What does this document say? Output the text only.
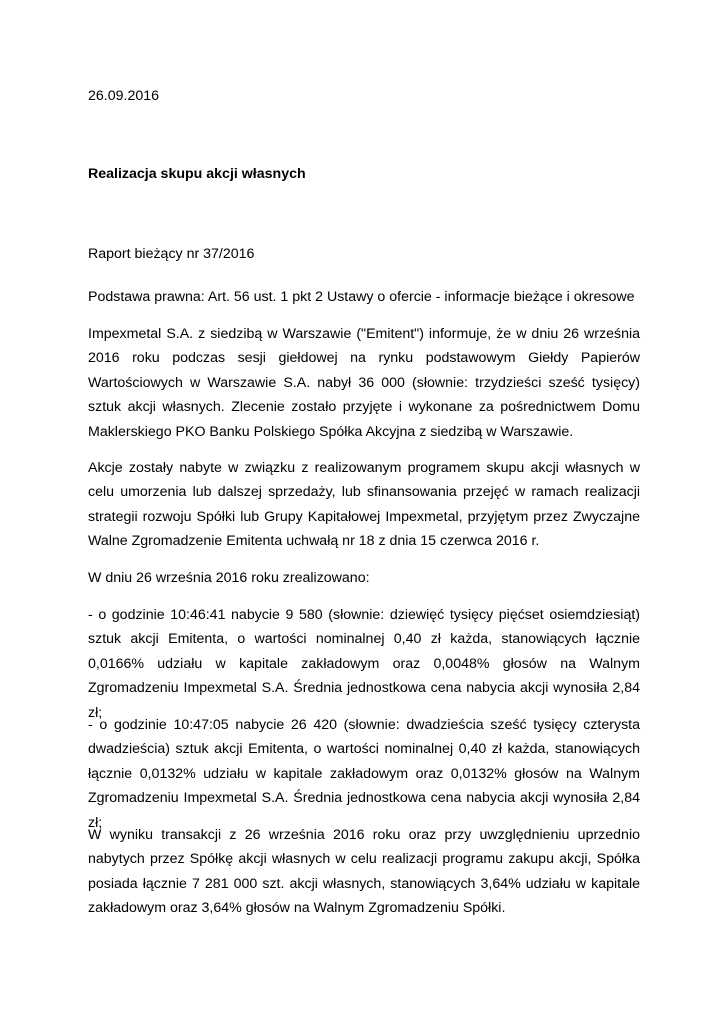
26.09.2016

Realizacja skupu akcji własnych

Raport bieżący nr 37/2016

Podstawa prawna: Art. 56 ust. 1 pkt 2 Ustawy o ofercie - informacje bieżące i okresowe

Impexmetal S.A. z siedzibą w Warszawie ("Emitent") informuje, że w dniu 26 września 2016 roku podczas sesji giełdowej na rynku podstawowym Giełdy Papierów Wartościowych w Warszawie S.A. nabył 36 000 (słownie: trzydzieści sześć tysięcy) sztuk akcji własnych. Zlecenie zostało przyjęte i wykonane za pośrednictwem Domu Maklerskiego PKO Banku Polskiego Spółka Akcyjna z siedzibą w Warszawie.

Akcje zostały nabyte w związku z realizowanym programem skupu akcji własnych w celu umorzenia lub dalszej sprzedaży, lub sfinansowania przejęć w ramach realizacji strategii rozwoju Spółki lub Grupy Kapitałowej Impexmetal, przyjętym przez Zwyczajne Walne Zgromadzenie Emitenta uchwałą nr 18 z dnia 15 czerwca 2016 r.

W dniu 26 września 2016 roku zrealizowano:

- o godzinie 10:46:41 nabycie 9 580 (słownie: dziewięć tysięcy pięćset osiemdziesiąt) sztuk akcji Emitenta, o wartości nominalnej 0,40 zł każda, stanowiących łącznie 0,0166% udziału w kapitale zakładowym oraz 0,0048% głosów na Walnym Zgromadzeniu Impexmetal S.A. Średnia jednostkowa cena nabycia akcji wynosiła 2,84 zł;

- o godzinie 10:47:05 nabycie 26 420 (słownie: dwadzieścia sześć tysięcy czterysta dwadzieścia) sztuk akcji Emitenta, o wartości nominalnej 0,40 zł każda, stanowiących łącznie 0,0132% udziału w kapitale zakładowym oraz 0,0132% głosów na Walnym Zgromadzeniu Impexmetal S.A. Średnia jednostkowa cena nabycia akcji wynosiła 2,84 zł;

W wyniku transakcji z 26 września 2016 roku oraz przy uwzględnieniu uprzednio nabytych przez Spółkę akcji własnych w celu realizacji programu zakupu akcji, Spółka posiada łącznie 7 281 000 szt. akcji własnych, stanowiących 3,64% udziału w kapitale zakładowym oraz 3,64% głosów na Walnym Zgromadzeniu Spółki.
